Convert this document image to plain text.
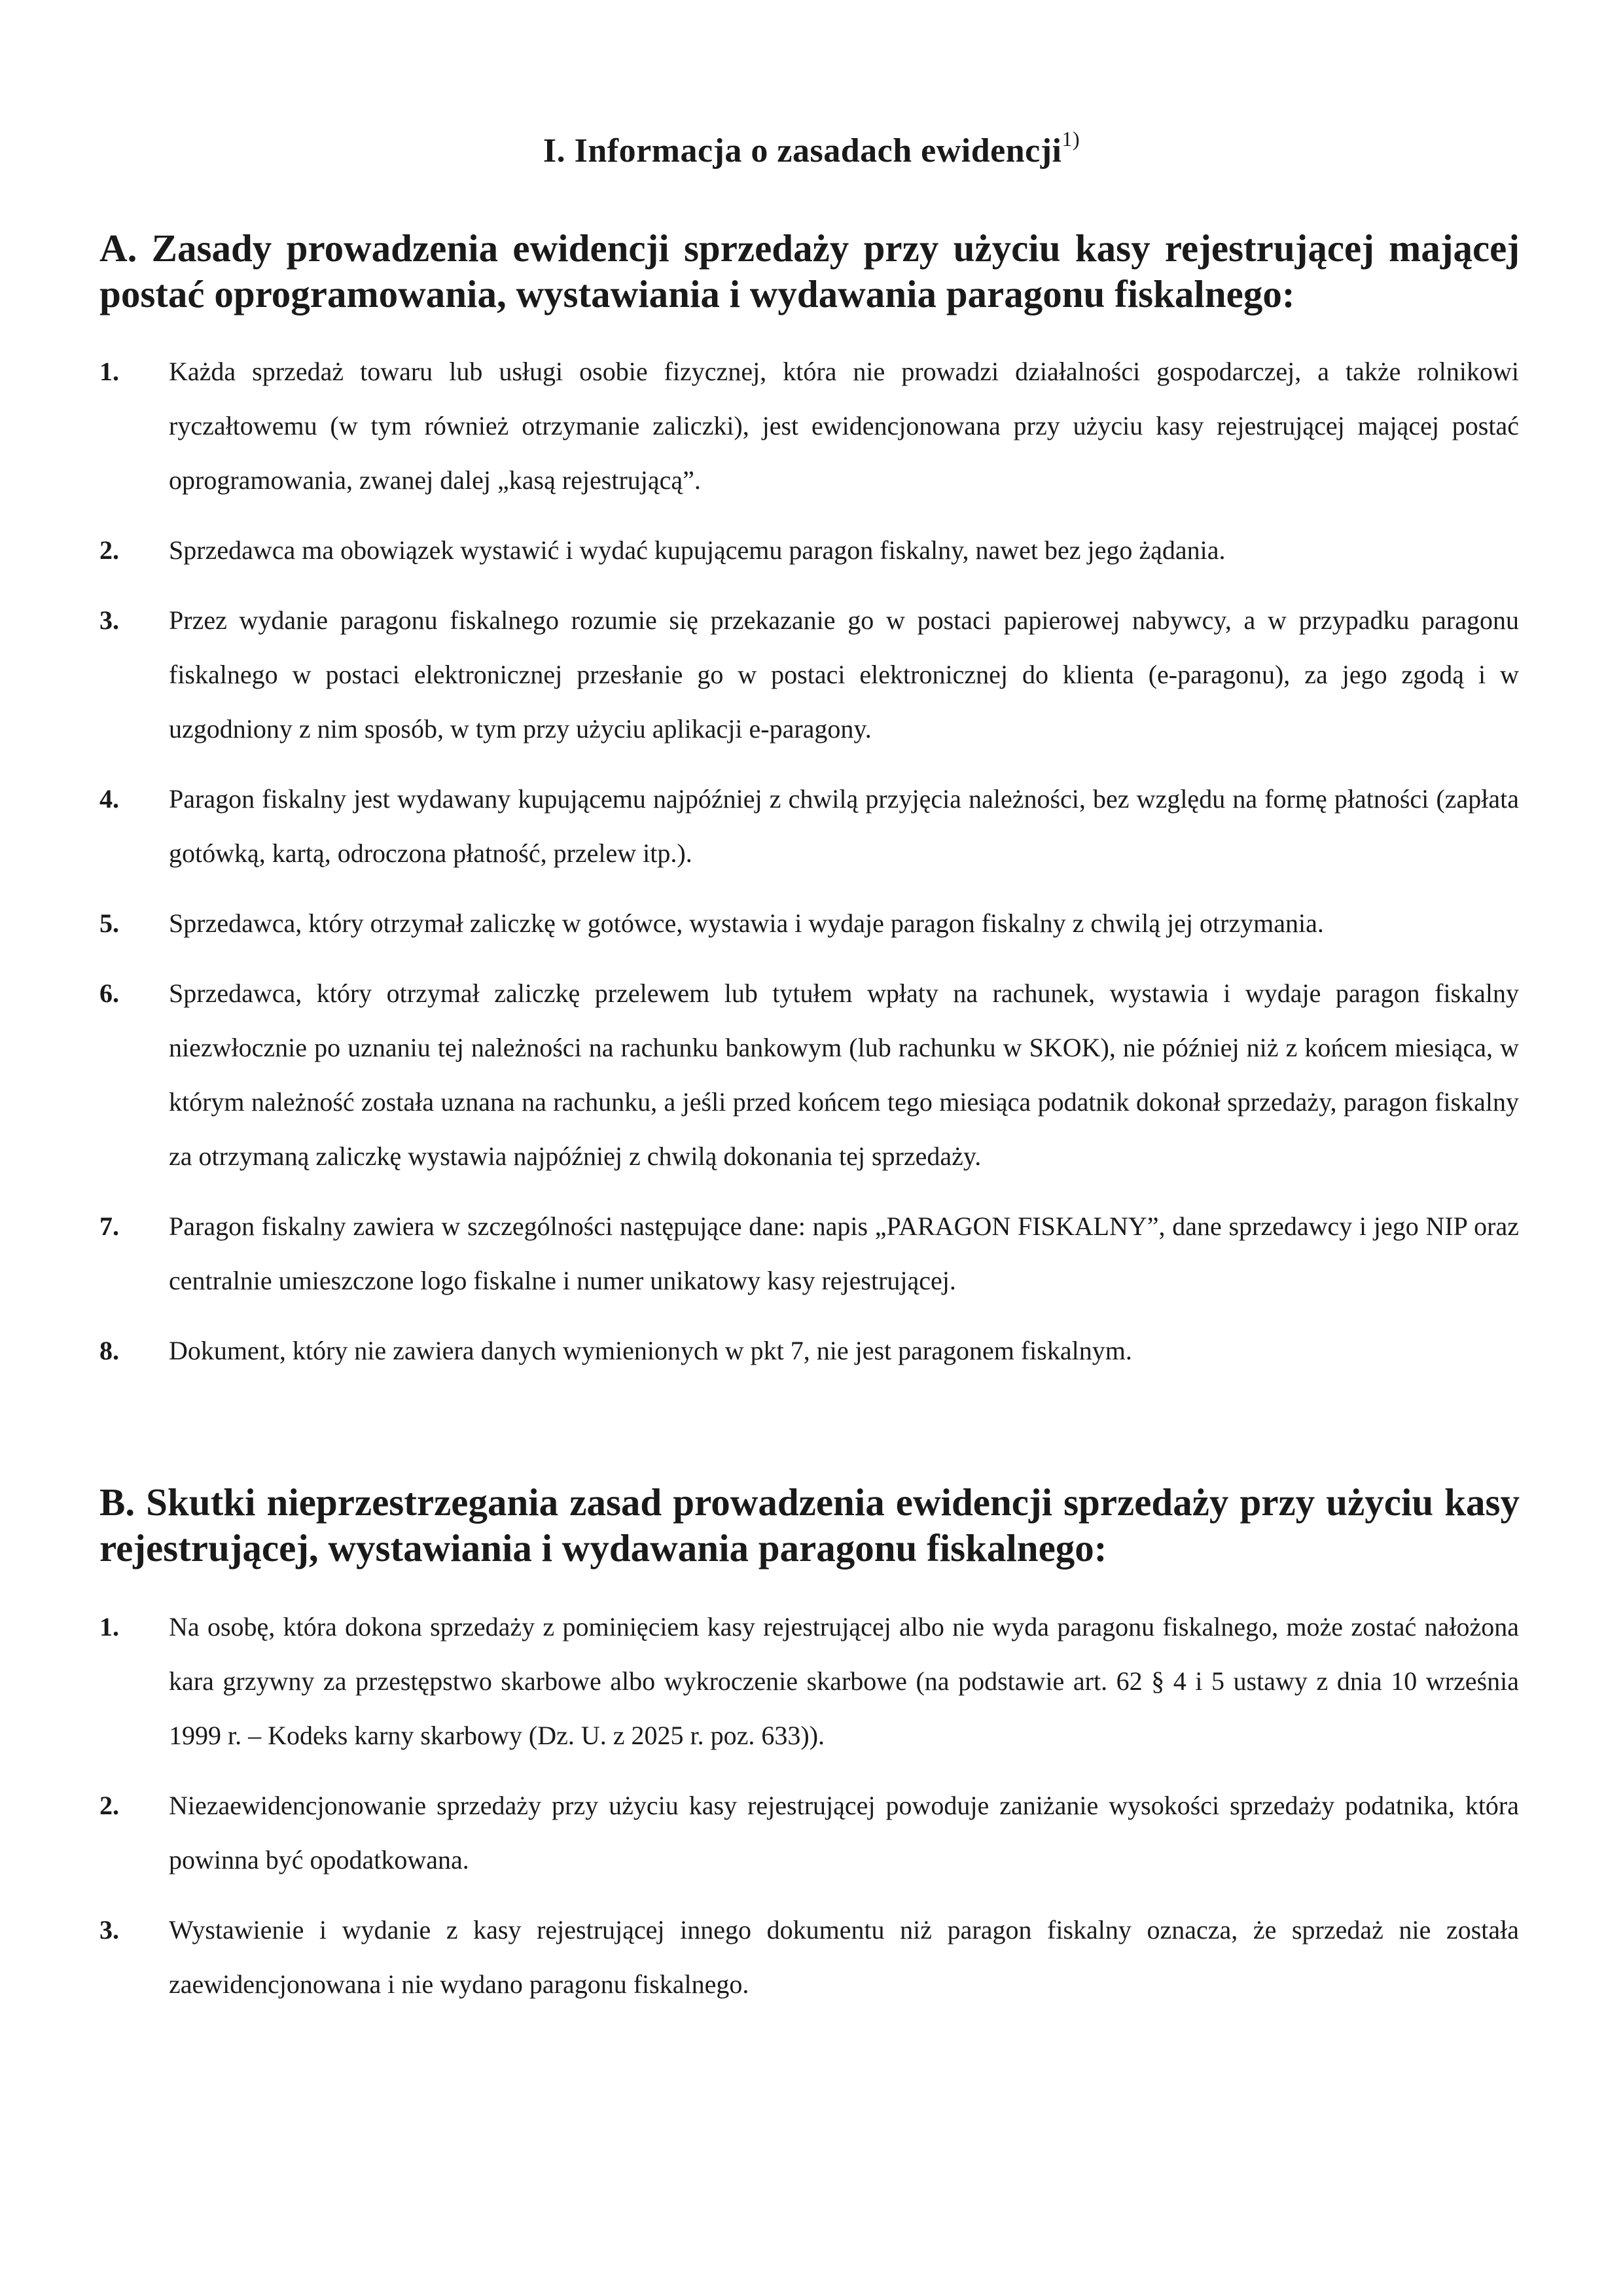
I. Informacja o zasadach ewidencji$^{1)}$
A. Zasady prowadzenia ewidencji sprzedaży przy użyciu kasy rejestrującej mającej postać oprogramowania, wystawiania i wydawania paragonu fiskalnego:
1. Każda sprzedaż towaru lub usługi osobie fizycznej, która nie prowadzi działalności gospodarczej, a także rolnikowi ryczałtowemu (w tym również otrzymanie zaliczki), jest ewidencjonowana przy użyciu kasy rejestrującej mającej postać oprogramowania, zwanej dalej „kasą rejestrującą”.
2. Sprzedawca ma obowiązek wystawić i wydać kupującemu paragon fiskalny, nawet bez jego żądania.
3. Przez wydanie paragonu fiskalnego rozumie się przekazanie go w postaci papierowej nabywcy, a w przypadku paragonu fiskalnego w postaci elektronicznej przesłanie go w postaci elektronicznej do klienta (e-paragonu), za jego zgodą i w uzgodniony z nim sposób, w tym przy użyciu aplikacji e-paragony.
4. Paragon fiskalny jest wydawany kupującemu najpóźniej z chwilą przyjęcia należności, bez względu na formę płatności (zapłata gotówką, kartą, odroczona płatność, przelew itp.).
5. Sprzedawca, który otrzymał zaliczkę w gotówce, wystawia i wydaje paragon fiskalny z chwilą jej otrzymania.
6. Sprzedawca, który otrzymał zaliczkę przelewem lub tytułem wpłaty na rachunek, wystawia i wydaje paragon fiskalny niezwłocznie po uznaniu tej należności na rachunku bankowym (lub rachunku w SKOK), nie później niż z końcem miesiąca, w którym należność została uznana na rachunku, a jeśli przed końcem tego miesiąca podatnik dokonał sprzedaży, paragon fiskalny za otrzymaną zaliczkę wystawia najpóźniej z chwilą dokonania tej sprzedaży.
7. Paragon fiskalny zawiera w szczególności następujące dane: napis „PARAGON FISKALNY”, dane sprzedawcy i jego NIP oraz centralnie umieszczone logo fiskalne i numer unikatowy kasy rejestrującej.
8. Dokument, który nie zawiera danych wymienionych w pkt 7, nie jest paragonem fiskalnym.
B. Skutki nieprzestrzegania zasad prowadzenia ewidencji sprzedaży przy użyciu kasy rejestrującej, wystawiania i wydawania paragonu fiskalnego:
1. Na osobę, która dokona sprzedaży z pominięciem kasy rejestrującej albo nie wyda paragonu fiskalnego, może zostać nałożona kara grzywny za przestępstwo skarbowe albo wykroczenie skarbowe (na podstawie art. 62 § 4 i 5 ustawy z dnia 10 września 1999 r. – Kodeks karny skarbowy (Dz. U. z 2025 r. poz. 633)).
2. Niezaewidencjonowanie sprzedaży przy użyciu kasy rejestrującej powoduje zaniżanie wysokości sprzedaży podatnika, która powinna być opodatkowana.
3. Wystawienie i wydanie z kasy rejestrującej innego dokumentu niż paragon fiskalny oznacza, że sprzedaż nie została zaewidencjonowana i nie wydano paragonu fiskalnego.
